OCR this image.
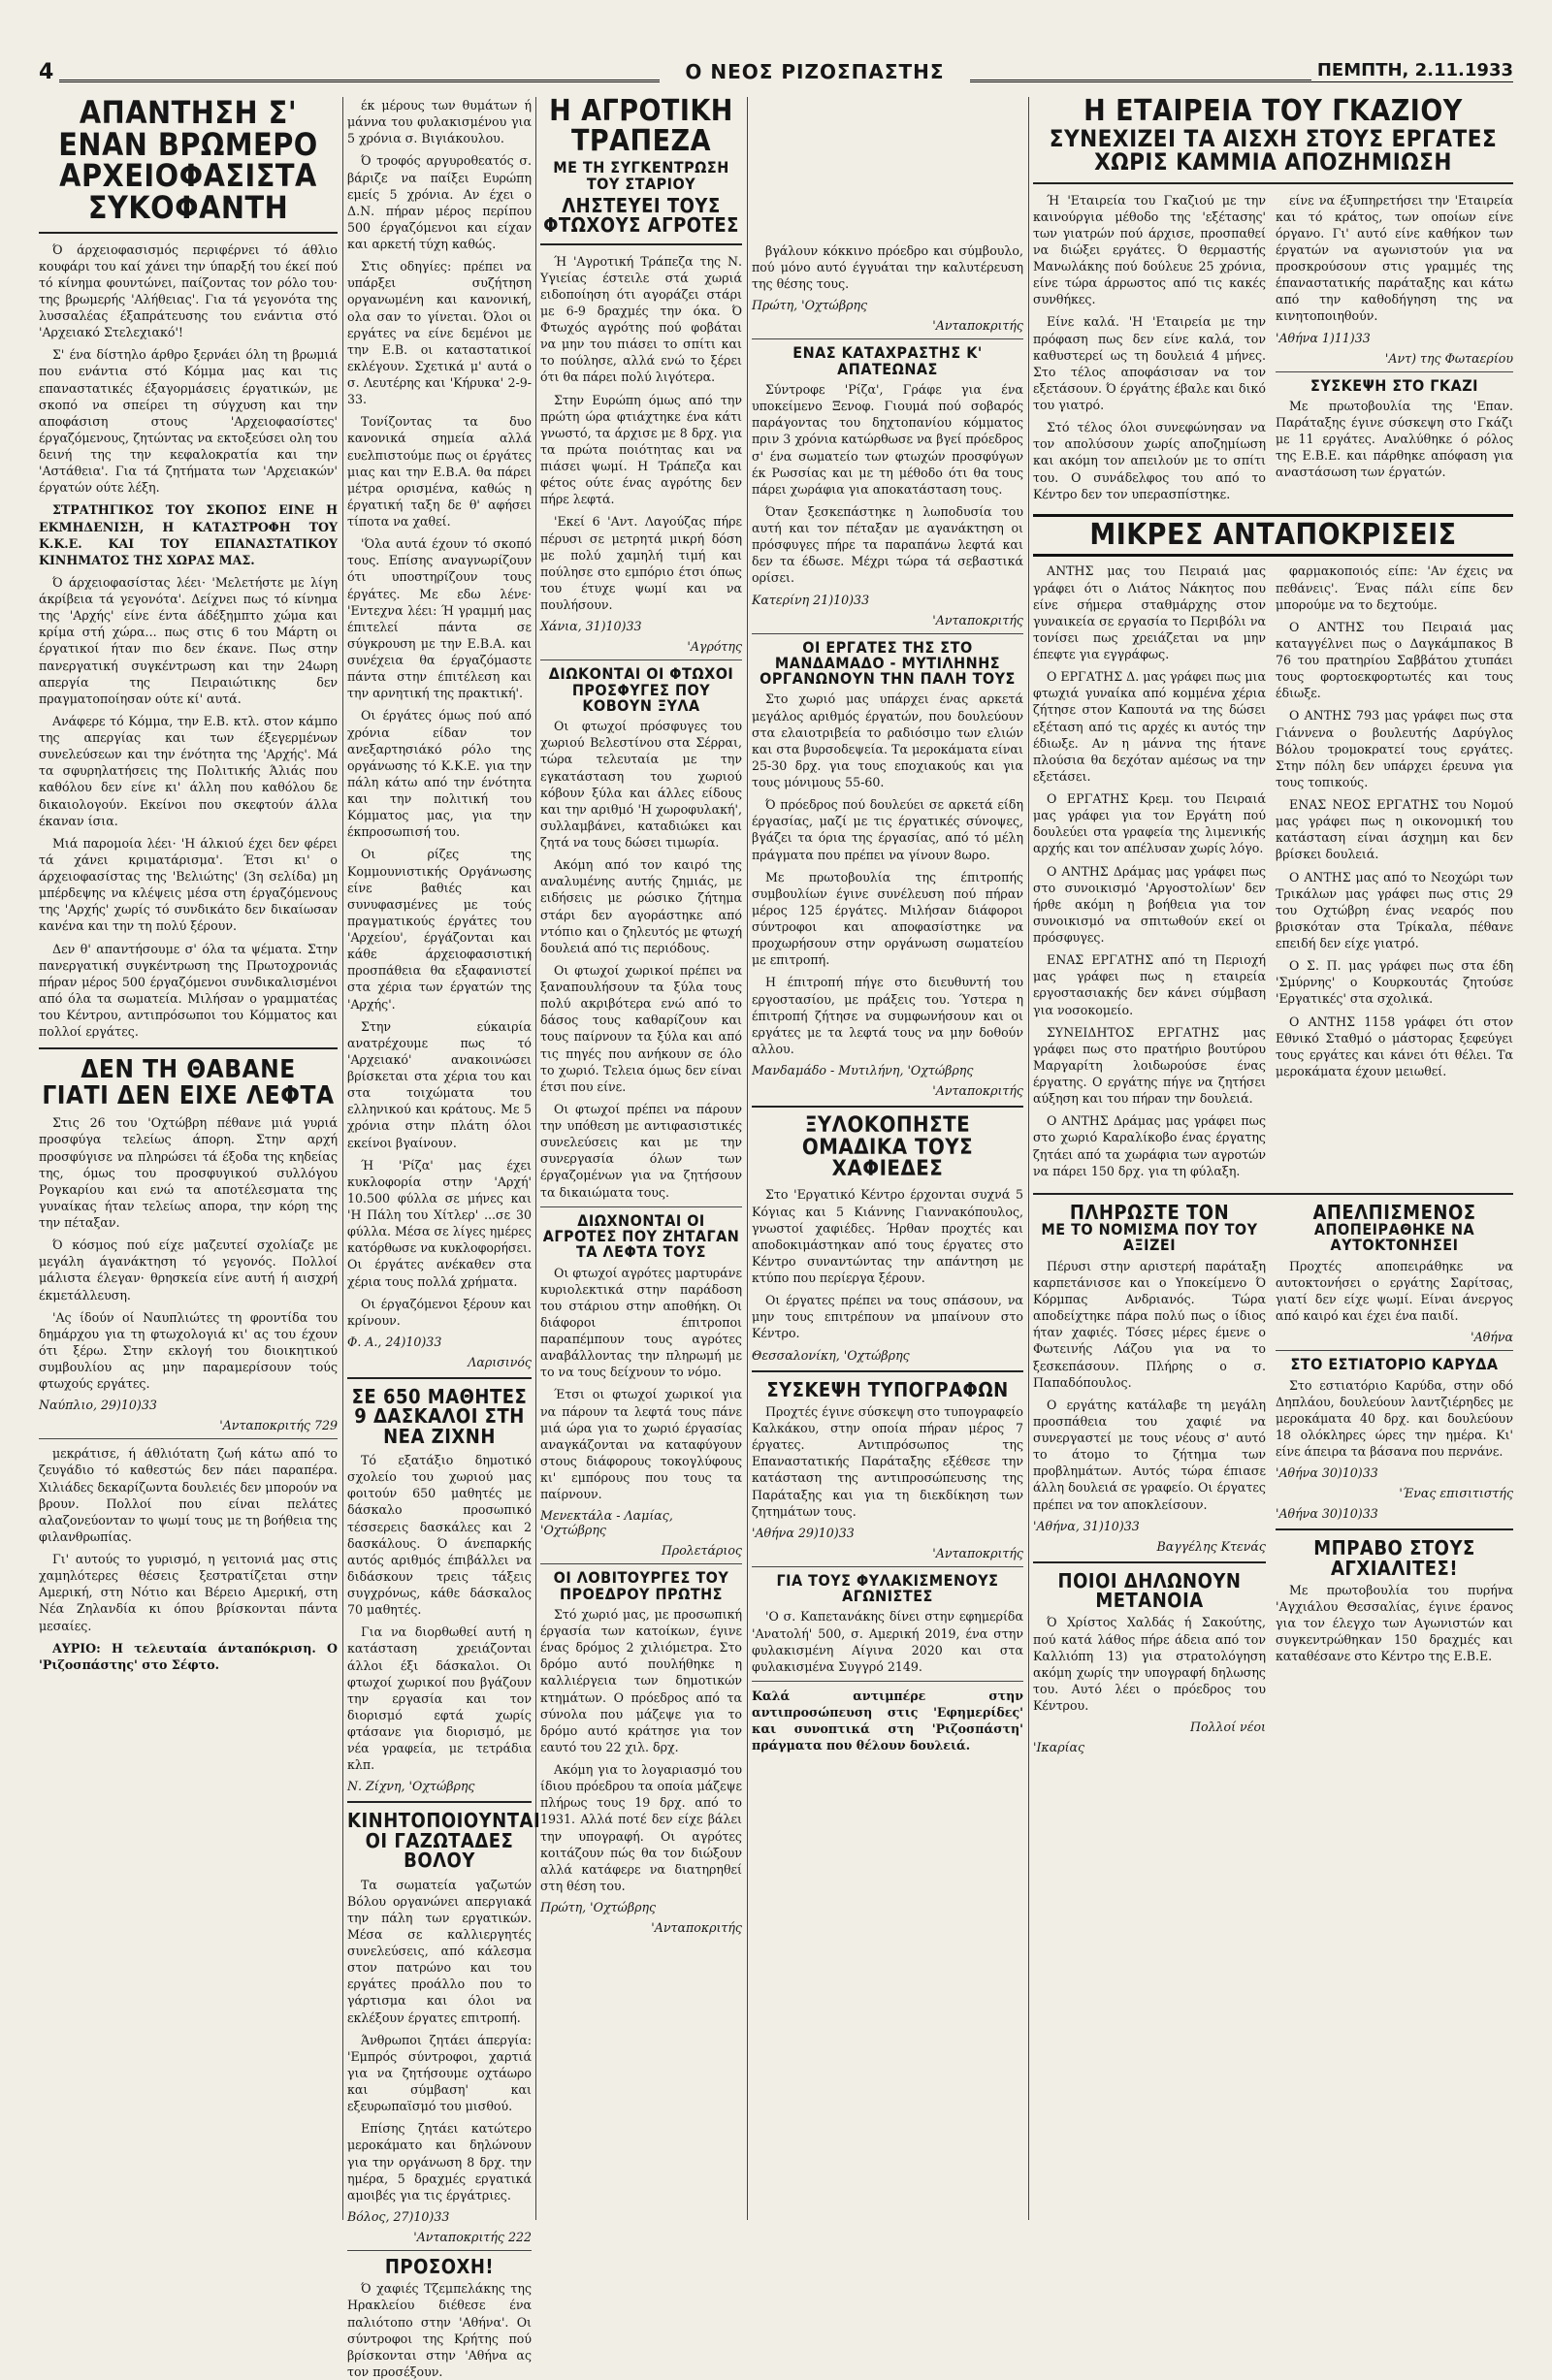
4	Ο ΝΕΟΣ ΡΙΖΟΣΠΑΣΤΗΣ	ΠΕΜΠΤΗ, 2.11.1933

ΑΠΑΝΤΗΣΗ Σ' ΕΝΑΝ ΒΡΩΜΕΡΟ

ΑΡΧΕΙΟΦΑΣΙΣΤΑ ΣΥΚΟΦΑΝΤΗ

Ό άρχειοφασισμός περιφέρνει τό άθλιο κουφάρι του καί χάνει την ύπαρξή του έκεί πού τό κίνημα φουντώνει, παίζοντας τον ρόλο του· της βρωμερής 'Αλήθειας'. Για τά γεγονότα της λυσσαλέας έξαπράτευσης του ενάντια στό 'Αρχειακό Στελεχιακό'!

Σ' ένα δίστηλο άρθρο ξερνάει όλη τη βρωμιά που ενάντια στό Κόμμα μας και τις επαναστατικές έξαγορμάσεις έργατικών, με σκοπό να σπείρει τη σύγχυση και την αποφάσιση στους 'Αρχειοφασίστες' έργαζόμενους, ζητώντας να εκτοξεύσει ολη του δεινή της την κεφαλοκρατία και την 'Αστάθεια'. Για τά ζητήματα των 'Αρχειακών' έργατών ούτε λέξη.

ΣΤΡΑΤΗΓΙΚΟΣ ΤΟΥ ΣΚΟΠΟΣ ΕΙΝΕ Η ΕΚΜΗΔΕΝΙΣΗ, Η ΚΑΤΑΣΤΡΟΦΗ ΤΟΥ Κ.Κ.Ε. ΚΑΙ ΤΟΥ ΕΠΑΝΑΣΤΑΤΙΚΟΥ ΚΙΝΗΜΑΤΟΣ ΤΗΣ ΧΩΡΑΣ ΜΑΣ.

Ό άρχειοφασίστας λέει· 'Μελετήστε με λίγη άκρίβεια τά γεγονότα'. Δείχνει πως τό κίνημα της 'Αρχής' είνε έντα άδέξημπτο χώμα και κρίμα στή χώρα... πως στις 6 του Μάρτη οι έργατικοί ήταν πιο δεν έκανε. Πως στην πανεργατική συγκέντρωση και την 24ωρη απεργία της Πειραιώτικης δεν πραγματοποίησαν ούτε κί' αυτά.

Ανάφερε τό Κόμμα, την Ε.Β. κτλ. στον κάμπο της απεργίας και των έξεγερμένων συνελεύσεων και την ένότητα της 'Αρχής'. Μά τα σφυρηλατήσεις της Πολιτικής Άλιάς που καθόλου δεν είνε κι' άλλη που καθόλου δε δικαιολογούν. Εκείνοι που σκεφτούν άλλα έκαναν ίσια.

Μιά παρομοία λέει· 'Η άλκιού έχει δεν φέρει τά χάνει κριματάρισμα'. Έτσι κι' ο άρχειοφασίστας της 'Βελιώτης' (3η σελίδα) μη μπέρδεψης να κλέψεις μέσα στη έργαζόμενους της 'Αρχής' χωρίς τό συνδικάτο δεν δικαίωσαν κανένα και την τη πολύ ξέρουν.

Δεν θ' απαντήσουμε σ' όλα τα ψέματα. Στην πανεργατική συγκέντρωση της Πρωτοχρονιάς πήραν μέρος 500 έργαζόμενοι συνδικαλισμένοι από όλα τα σωματεία. Μιλήσαν ο γραμματέας του Κέντρου, αντιπρόσωποι του Κόμματος και πολλοί εργάτες.

ΔΕΝ ΤΗ ΘΑΒΑΝΕ

ΓΙΑΤΙ ΔΕΝ ΕΙΧΕ ΛΕΦΤΑ

Στις 26 του 'Οχτώβρη πέθανε μιά γυριά προσφύγα τελείως άπορη. Στην αρχή προσφύγισε να πληρώσει τά έξοδα της κηδείας της, όμως του προσφυγικού συλλόγου Ρογκαρίου και ενώ τα αποτέλεσματα της γυναίκας ήταν τελείως απορα, την κόρη της την πέταξαν.

Ό κόσμος πού είχε μαζευτεί σχολίαζε με μεγάλη άγανάκτηση τό γεγονός. Πολλοί μάλιστα έλεγαν· θρησκεία είνε αυτή ή αισχρή έκμετάλλευση.

'Ας ίδούν οί Ναυπλιώτες τη φροντίδα του δημάρχου για τη φτωχολογιά κι' ας του έχουν ότι ξέρω. Στην εκλογή του διοικητικού συμβουλίου ας μην παραμερίσουν τούς φτωχούς εργάτες.

Ναύπλιο, 29)10)33

'Ανταποκριτής 729

μεκράτισε, ή άθλιότατη ζωή κάτω από το ζευγάδιο τό καθεστώς δεν πάει παραπέρα. Χιλιάδες δεκαρίζωντα δουλειές δεν μπορούν να βρουν. Πολλοί που είναι πελάτες αλαζονεύονταν το ψωμί τους με τη βοήθεια της φιλανθρωπίας.

Γι' αυτούς το γυρισμό, η γειτονιά μας στις χαμηλότερες θέσεις ξεστρατίζεται στην Αμερική, στη Νότιο και Βέρειο Αμερική, στη Νέα Ζηλανδία κι όπου βρίσκονται πάντα μεσαίες.

ΑΥΡΙΟ: Η τελευταία άνταπόκριση. Ο 'Ριζοσπάστης' στο Σέφτο.

έκ μέρους των θυμάτων ή μάννα του φυλακισμένου για 5 χρόνια σ. Βιγιάκουλου.

Ό τροφός αργυροθεατός σ. βάριζε να παίξει Ευρώπη εμείς 5 χρόνια. Αν έχει ο Δ.Ν. πήραν μέρος περίπου 500 έργαζόμενοι και είχαν και αρκετή τύχη καθώς.

Στις οδηγίες: πρέπει να υπάρξει συζήτηση οργανωμένη και κανονική, ολα σαν το γίνεται. Όλοι οι εργάτες να είνε δεμένοι με την Ε.Β. οι καταστατικοί εκλέγουν. Σχετικά μ' αυτά ο σ. Λευτέρης και 'Κήρυκα' 2-9-33.

Τονίζοντας τα δυο κανονικά σημεία αλλά ευελπιστούμε πως οι έργάτες μιας και την Ε.Β.Α. θα πάρει μέτρα ορισμένα, καθώς η έργατική ταξη δε θ' αφήσει τίποτα να χαθεί.

'Όλα αυτά έχουν τό σκοπό τους. Επίσης αναγνωρίζουν ότι υποστηρίζουν τους έργάτες. Με εδω λένε· 'Εντεχνα λέει: Ή γραμμή μας έπιτελεί πάντα σε σύγκρουση με την Ε.Β.Α. και συνέχεια θα έργαζόμαστε πάντα στην έπιτέλεση και την αρνητική της πρακτική'.

Οι έργάτες όμως πού από χρόνια είδαν τον ανεξαρτησιάκό ρόλο της οργάνωσης τό Κ.Κ.Ε. για την πάλη κάτω από την ένότητα και την πολιτική του Κόμματος μας, για την έκπροσωπισή του.

Οι ρίζες της Κομμουνιστικής Οργάνωσης είνε βαθιές και συνυφασμένες με τούς πραγματικούς έργάτες του 'Αρχείου', έργάζονται και κάθε άρχειοφασιστική προσπάθεια θα εξαφανιστεί στα χέρια των έργατών της 'Αρχής'.

Στην εύκαιρία ανατρέχουμε πως τό 'Αρχειακό' ανακοινώσει βρίσκεται στα χέρια του και στα τοιχώματα του ελληνικού και κράτους. Με 5 χρόνια στην πλάτη όλοι εκείνοι βγαίνουν.

Ή 'Ρίζα' μας έχει κυκλοφορία στην 'Αρχή' 10.500 φύλλα σε μήνες και 'Η Πάλη του Χίτλερ' ...σε 30 φύλλα. Μέσα σε λίγες ημέρες κατόρθωσε να κυκλοφορήσει. Οι έργάτες ανέκαθεν στα χέρια τους πολλά χρήματα.

Οι έργαζόμενοι ξέρουν και κρίνουν.

Φ. Α., 24)10)33

Λαρισινός

ΣΕ 650 ΜΑΘΗΤΕΣ

9 ΔΑΣΚΑΛΟΙ ΣΤΗ ΝΕΑ ΖΙΧΝΗ

Τό εξατάξιο δημοτικό σχολείο του χωριού μας φοιτούν 650 μαθητές με δάσκαλο προσωπικό τέσσερεις δασκάλες και 2 δασκάλους. Ό άνεπαρκής αυτός αριθμός έπιβάλλει να διδάσκουν τρεις τάξεις συγχρόνως, κάθε δάσκαλος 70 μαθητές.

Για να διορθωθεί αυτή η κατάσταση χρειάζονται άλλοι έξι δάσκαλοι. Οι φτωχοί χωρικοί που βγάζουν την εργασία και τον διορισμό εφτά χωρίς φτάσανε για διορισμό, με νέα γραφεία, με τετράδια κλπ.

Ν. Ζίχνη, 'Οχτώβρης

ΚΙΝΗΤΟΠΟΙΟΥΝΤΑΙ

ΟΙ ΓΑΖΩΤΑΔΕΣ ΒΟΛΟΥ

Τα σωματεία γαζωτών Βόλου οργανώνει απεργιακά την πάλη των εργατικών. Μέσα σε καλλιεργητές συνελεύσεις, από κάλεσμα στον πατρώνο και του εργάτες προάλλο που το γάρτισμα και όλοι να εκλέξουν έργατες επιτροπή.

Άνθρωποι ζητάει άπεργία: 'Εμπρός σύντροφοι, χαρτιά για να ζητήσουμε οχτάωρο και σύμβαση' και εξευρωπαϊσμό του μισθού.

Επίσης ζητάει κατώτερο μεροκάματο και δηλώνουν για την οργάνωση 8 δρχ. την ημέρα, 5 δραχμές εργατικά αμοιβές για τις έργάτριες.

Βόλος, 27)10)33

'Ανταποκριτής 222

ΠΡΟΣΟΧΗ!

Ό χαφιές Τζεμπελάκης της Ηρακλείου διέθεσε ένα παλιότοπο στην 'Αθήνα'. Οι σύντροφοι της Κρήτης πού βρίσκονται στην 'Αθήνα ας τον προσέξουν.

Η ΑΓΡΟΤΙΚΗ ΤΡΑΠΕΖΑ

ΜΕ ΤΗ ΣΥΓΚΕΝΤΡΩΣΗ ΤΟΥ ΣΤΑΡΙΟΥ

ΛΗΣΤΕΥΕΙ ΤΟΥΣ ΦΤΩΧΟΥΣ ΑΓΡΟΤΕΣ

Ή 'Αγροτική Τράπεζα της Ν. Υγιείας έστειλε στά χωριά ειδοποίηση ότι αγοράζει στάρι με 6-9 δραχμές την όκα. Ό Φτωχός αγρότης πού φοβάται να μην του πιάσει το σπίτι και το πούλησε, αλλά ενώ το ξέρει ότι θα πάρει πολύ λιγότερα.

Στην Ευρώπη όμως από την πρώτη ώρα φτιάχτηκε ένα κάτι γνωστό, τα άρχισε με 8 δρχ. για τα πρώτα ποιότητας και να πιάσει ψωμί. Η Τράπεζα και φέτος ούτε ένας αγρότης δεν πήρε λεφτά.

'Εκεί 6 'Αντ. Λαγούζας πήρε πέρυσι σε μετρητά μικρή δόση με πολύ χαμηλή τιμή και πούλησε στο εμπόριο έτσι όπως του έτυχε ψωμί και να πουλήσουν.

Χάνια, 31)10)33

'Αγρότης

ΔΙΩΚΟΝΤΑΙ ΟΙ ΦΤΩΧΟΙ ΠΡΟΣΦΥΓΕΣ ΠΟΥ ΚΟΒΟΥΝ ΞΥΛΑ

Οι φτωχοί πρόσφυγες του χωριού Βελεστίνου στα Σέρραι, τώρα τελευταία με την εγκατάσταση του χωριού κόβουν ξύλα και άλλες είδους και την αριθμό 'Η χωροφυλακή', συλλαμβάνει, καταδιώκει και ζητά να τους δώσει τιμωρία.

Ακόμη από τον καιρό της αναλυμένης αυτής ζημιάς, με ειδήσεις με ρώσικο ζήτημα στάρι δεν αγοράστηκε από ντόπιο και ο ζηλευτός με φτωχή δουλειά από τις περιόδους.

Οι φτωχοί χωρικοί πρέπει να ξαναπουλήσουν τα ξύλα τους πολύ ακριβότερα ενώ από το δάσος τους καθαρίζουν και τους παίρνουν τα ξύλα και από τις πηγές που ανήκουν σε όλο το χωριό. Τελεια όμως δεν είναι έτσι που είνε.

Οι φτωχοί πρέπει να πάρουν την υπόθεση με αντιφασιστικές συνελεύσεις και με την συνεργασία όλων των έργαζομένων για να ζητήσουν τα δικαιώματα τους.

ΔΙΩΧΝΟΝΤΑΙ ΟΙ ΑΓΡΟΤΕΣ ΠΟΥ ΖΗΤΑΓΑΝ ΤΑ ΛΕΦΤΑ ΤΟΥΣ

Οι φτωχοί αγρότες μαρτυράνε κυριολεκτικά στην παράδοση του στάριου στην αποθήκη. Οι διάφοροι έπιτροποι παραπέμπουν τους αγρότες αναβάλλοντας την πληρωμή με το να τους δείχνουν το νόμο.

Έτσι οι φτωχοί χωρικοί για να πάρουν τα λεφτά τους πάνε μιά ώρα για το χωριό έργασίας αναγκάζονται να καταφύγουν στους διάφορους τοκογλύφους κι' εμπόρους που τους τα παίρνουν.

Μενεκτάλα - Λαμίας, 'Οχτώβρης

Προλετάριος

ΟΙ ΛΟΒΙΤΟΥΡΓΕΣ ΤΟΥ ΠΡΟΕΔΡΟΥ ΠΡΩΤΗΣ

Στό χωριό μας, με προσωπική έργασία των κατοίκων, έγινε ένας δρόμος 2 χιλιόμετρα. Στο δρόμο αυτό πουλήθηκε η καλλιέργεια των δημοτικών κτημάτων. Ο πρόεδρος από τα σύνολα που μάζεψε για το δρόμο αυτό κράτησε για τον εαυτό του 22 χιλ. δρχ.

Ακόμη για το λογαριασμό του ίδιου πρόεδρου τα οποία μάζεψε πλήρως τους 19 δρχ. από το 1931. Αλλά ποτέ δεν είχε βάλει την υπογραφή. Οι αγρότες κοιτάζουν πώς θα τον διώξουν αλλά κατάφερε να διατηρηθεί στη θέση του.

Πρώτη, 'Οχτώβρης

'Ανταποκριτής

βγάλουν κόκκινο πρόεδρο και σύμβουλο, πού μόνο αυτό έγγυάται την καλυτέρευση της θέσης τους.

Πρώτη, 'Οχτώβρης

'Ανταποκριτής

ΕΝΑΣ ΚΑΤΑΧΡΑΣΤΗΣ Κ' ΑΠΑΤΕΩΝΑΣ

Σύντροφε 'Ρίζα', Γράφε για ένα υποκείμενο Ξενοφ. Γιουμά πού σοβαρός παράγοντας του δηχτοπανίου κόμματος πριν 3 χρόνια κατώρθωσε να βγεί πρόεδρος σ' ένα σωματείο των φτωχών προσφύγων έκ Ρωσσίας και με τη μέθοδο ότι θα τους πάρει χωράφια για αποκατάσταση τους.

Όταν ξεσκεπάστηκε η λωποδυσία του αυτή και τον πέταξαν με αγανάκτηση οι πρόσφυγες πήρε τα παραπάνω λεφτά και δεν τα έδωσε. Μέχρι τώρα τά σεβαστικά ορίσει.

Κατερίνη 21)10)33

'Ανταποκριτής

ΟΙ ΕΡΓΑΤΕΣ ΤΗΣ ΣΤΟ ΜΑΝΔΑΜΑΔΟ - ΜΥΤΙΛΗΝΗΣ ΟΡΓΑΝΩΝΟΥΝ ΤΗΝ ΠΑΛΗ ΤΟΥΣ

Στο χωριό μας υπάρχει ένας αρκετά μεγάλος αριθμός έργατών, που δουλεύουν στα ελαιοτριβεία το ραδιόσιμο των ελιών και στα βυρσοδεψεία. Τα μεροκάματα είναι 25-30 δρχ. για τους εποχιακούς και για τους μόνιμους 55-60.

Ό πρόεδρος πού δουλεύει σε αρκετά είδη έργασίας, μαζί με τις έργατικές σύνοψες, βγάζει τα όρια της έργασίας, από τό μέλη πράγματα που πρέπει να γίνουν 8ωρο.

Με πρωτοβουλία της έπιτροπής συμβουλίων έγινε συνέλευση πού πήραν μέρος 125 έργάτες. Μιλήσαν διάφοροι σύντροφοι και αποφασίστηκε να προχωρήσουν στην οργάνωση σωματείου με επιτροπή.

Η έπιτροπή πήγε στο διευθυντή του εργοστασίου, με πράξεις του. Ύστερα η έπιτροπή ζήτησε να συμφωνήσουν και οι εργάτες με τα λεφτά τους να μην δοθούν αλλου.

Μανδαμάδο - Μυτιλήνη, 'Οχτώβρης

'Ανταποκριτής

ΞΥΛΟΚΟΠΗΣΤΕ ΟΜΑΔΙΚΑ ΤΟΥΣ ΧΑΦΙΕΔΕΣ

Στο 'Εργατικό Κέντρο έρχονται συχνά 5 Κόγιας και 5 Κιάννης Γιαννακόπουλος, γνωστοί χαφιέδες. Ήρθαν προχτές και αποδοκιμάστηκαν από τους έργατες στο Κέντρο συναντώντας την απάντηση με κτύπο που περίεργα ξέρουν.

Οι έργατες πρέπει να τους σπάσουν, να μην τους επιτρέπουν να μπαίνουν στο Κέντρο.

Θεσσαλονίκη, 'Οχτώβρης

ΣΥΣΚΕΨΗ ΤΥΠΟΓΡΑΦΩΝ

Προχτές έγινε σύσκεψη στο τυπογραφείο Καλκάκου, στην οποία πήραν μέρος 7 έργατες. Αντιπρόσωπος της Επαναστατικής Παράταξης εξέθεσε την κατάσταση της αντιπροσώπευσης της Παράταξης και για τη διεκδίκηση των ζητημάτων τους.

'Αθήνα 29)10)33

'Ανταποκριτής

ΓΙΑ ΤΟΥΣ ΦΥΛΑΚΙΣΜΕΝΟΥΣ ΑΓΩΝΙΣΤΕΣ

'Ο σ. Καπετανάκης δίνει στην εφημερίδα 'Ανατολή' 500, σ. Αμερική 2019, ένα στην φυλακισμένη Αίγινα 2020 και στα φυλακισμένα Συγγρό 2149.

Καλά αντιμπέρε στην αντιπροσώπευση στις 'Εφημερίδες' και συνοπτικά στη 'Ριζοσπάστη' πράγματα που θέλουν δουλειά.

Η ΕΤΑΙΡΕΙΑ ΤΟΥ ΓΚΑΖΙΟΥ

ΣΥΝΕΧΙΖΕΙ ΤΑ ΑΙΣΧΗ ΣΤΟΥΣ ΕΡΓΑΤΕΣ

ΧΩΡΙΣ ΚΑΜΜΙΑ ΑΠΟΖΗΜΙΩΣΗ

Ή 'Εταιρεία του Γκαζιού με την καινούργια μέθοδο της 'εξέτασης' των γιατρών πού άρχισε, προσπαθεί να διώξει εργάτες. Ό θερμαστής Μανωλάκης πού δούλευε 25 χρόνια, είνε τώρα άρρωστος από τις κακές συνθήκες.

Είνε καλά. 'Η 'Εταιρεία με την πρόφαση πως δεν είνε καλά, τον καθυστερεί ως τη δουλειά 4 μήνες. Στο τέλος αποφάσισαν να τον εξετάσουν. Ό έργάτης έβαλε και δικό του γιατρό.

Στό τέλος όλοι συνεφώνησαν να τον απολύσουν χωρίς αποζημίωση και ακόμη τον απειλούν με το σπίτι του. Ο συνάδελφος του από το Κέντρο δεν τον υπερασπίστηκε.

είνε να έξυπηρετήσει την 'Εταιρεία και τό κράτος, των οποίων είνε όργανο. Γι' αυτό είνε καθήκον των έργατών να αγωνιστούν για να προσκρούσουν στις γραμμές της έπαναστατικής παράταξης και κάτω από την καθοδήγηση της να κινητοποιηθούν.

'Αθήνα 1)11)33

'Αντ) της Φωταερίου

ΣΥΣΚΕΨΗ ΣΤΟ ΓΚΑΖΙ

Με πρωτοβουλία της 'Επαν. Παράταξης έγινε σύσκεψη στο Γκάζι με 11 εργάτες. Αναλύθηκε ό ρόλος της Ε.Β.Ε. και πάρθηκε απόφαση για αναστάσωση των έργατών.

ΜΙΚΡΕΣ ΑΝΤΑΠΟΚΡΙΣΕΙΣ

ΑΝΤΗΣ μας του Πειραιά μας γράφει ότι ο Λιάτος Νάκητος που είνε σήμερα σταθμάρχης στον γυναικεία σε εργασία το Περιβόλι να τονίσει πως χρειάζεται να μην έπεφτε για εγγράφως.

Ο ΕΡΓΑΤΗΣ Δ. μας γράφει πως μια φτωχιά γυναίκα από κομμένα χέρια ζήτησε στον Καπουτά να της δώσει εξέταση από τις αρχές κι αυτός την έδιωξε. Αν η μάννα της ήτανε πλούσια θα δεχόταν αμέσως να την εξετάσει.

Ο ΕΡΓΑΤΗΣ Κρεμ. του Πειραιά μας γράφει για τον Εργάτη πού δουλεύει στα γραφεία της λιμενικής αρχής και τον απέλυσαν χωρίς λόγο.

Ο ΑΝΤΗΣ Δράμας μας γράφει πως στο συνοικισμό 'Αργοστολίων' δεν ήρθε ακόμη η βοήθεια για τον συνοικισμό να σπιτωθούν εκεί οι πρόσφυγες.

ΕΝΑΣ ΕΡΓΑΤΗΣ από τη Περιοχή μας γράφει πως η εταιρεία εργοστασιακής δεν κάνει σύμβαση για νοσοκομείο.

ΣΥΝΕΙΔΗΤΟΣ ΕΡΓΑΤΗΣ μας γράφει πως στο πρατήριο βουτύρου Μαργαρίτη λοιδωρούσε ένας έργατης. Ο εργάτης πήγε να ζητήσει αύξηση και του πήραν την δουλειά.

Ο ΑΝΤΗΣ Δράμας μας γράφει πως στο χωριό Καραλίκοβο ένας έργατης ζητάει από τα χωράφια των αγροτών να πάρει 150 δρχ. για τη φύλαξη.

φαρμακοποιός είπε: 'Αν έχεις να πεθάνεις'. Ένας πάλι είπε δεν μπορούμε να το δεχτούμε.

Ο ΑΝΤΗΣ του Πειραιά μας καταγγέλνει πως ο Δαγκάμπακος Β 76 του πρατηρίου Σαββάτου χτυπάει τους φορτοεκφορτωτές και τους έδιωξε.

Ο ΑΝΤΗΣ 793 μας γράφει πως στα Γιάννενα ο βουλευτής Δαρύγλος Βόλου τρομοκρατεί τους εργάτες. Στην πόλη δεν υπάρχει έρευνα για τους τοπικούς.

ΕΝΑΣ ΝΕΟΣ ΕΡΓΑΤΗΣ του Νομού μας γράφει πως η οικονομική του κατάσταση είναι άσχημη και δεν βρίσκει δουλειά.

Ο ΑΝΤΗΣ μας από το Νεοχώρι των Τρικάλων μας γράφει πως στις 29 του Οχτώβρη ένας νεαρός που βρισκόταν στα Τρίκαλα, πέθανε επειδή δεν είχε γιατρό.

Ο Σ. Π. μας γράφει πως στα έδη 'Σμύρνης' ο Κουρκουτάς ζητούσε 'Εργατικές' στα σχολικά.

Ο ΑΝΤΗΣ 1158 γράφει ότι στον Εθνικό Σταθμό ο μάστορας ξεφεύγει τους εργάτες και κάνει ότι θέλει. Τα μεροκάματα έχουν μειωθεί.

ΠΛΗΡΩΣΤΕ ΤΟΝ

ΜΕ ΤΟ ΝΟΜΙΣΜΑ ΠΟΥ ΤΟΥ ΑΞΙΖΕΙ

Πέρυσι στην αριστερή παράταξη καρπετάνισσε και ο Υποκείμενο Ό Κόρμπας Ανδριανός. Τώρα αποδείχτηκε πάρα πολύ πως ο ίδιος ήταν χαφιές. Τόσες μέρες έμενε ο Φωτεινής Λάζου για να το ξεσκεπάσουν. Πλήρης ο σ. Παπαδόπουλος.

Ο εργάτης κατάλαβε τη μεγάλη προσπάθεια του χαφιέ να συνεργαστεί με τους νέους σ' αυτό το άτομο το ζήτημα των προβλημάτων. Αυτός τώρα έπιασε άλλη δουλειά σε γραφείο. Οι έργατες πρέπει να τον αποκλείσουν.

'Αθήνα, 31)10)33

Βαγγέλης Κτενάς

ΠΟΙΟΙ ΔΗΛΩΝΟΥΝ ΜΕΤΑΝΟΙΑ

Ό Χρίστος Χαλδάς ή Σακούτης, πού κατά λάθος πήρε άδεια από τον Καλλιόπη 13) για στρατολόγηση ακόμη χωρίς την υπογραφή δηλωσης του. Αυτό λέει ο πρόεδρος του Κέντρου.

Πολλοί νέοι

'Ικαρίας

ΑΠΕΛΠΙΣΜΕΝΟΣ

ΑΠΟΠΕΙΡΑΘΗΚΕ ΝΑ ΑΥΤΟΚΤΟΝΗΣΕΙ

Προχτές αποπειράθηκε να αυτοκτονήσει ο εργάτης Σαρίτσας, γιατί δεν είχε ψωμί. Είναι άνεργος από καιρό και έχει ένα παιδί.

'Αθήνα

ΣΤΟ ΕΣΤΙΑΤΟΡΙΟ ΚΑΡΥΔΑ

Στο εστιατόριο Καρύδα, στην οδό Δηπλάου, δουλεύουν λαντζιέρηδες με μεροκάματα 40 δρχ. και δουλεύουν 18 ολόκληρες ώρες την ημέρα. Κι' είνε άπειρα τα βάσανα που περνάνε.

'Αθήνα 30)10)33

'Ένας επισιτιστής

'Αθήνα 30)10)33

ΜΠΡΑΒΟ ΣΤΟΥΣ ΑΓΧΙΑΛΙΤΕΣ!

Με πρωτοβουλία του πυρήνα 'Αγχιάλου Θεσσαλίας, έγινε έρανος για τον έλεγχο των Αγωνιστών και συγκεντρώθηκαν 150 δραχμές και καταθέσανε στο Κέντρο της Ε.Β.Ε.
